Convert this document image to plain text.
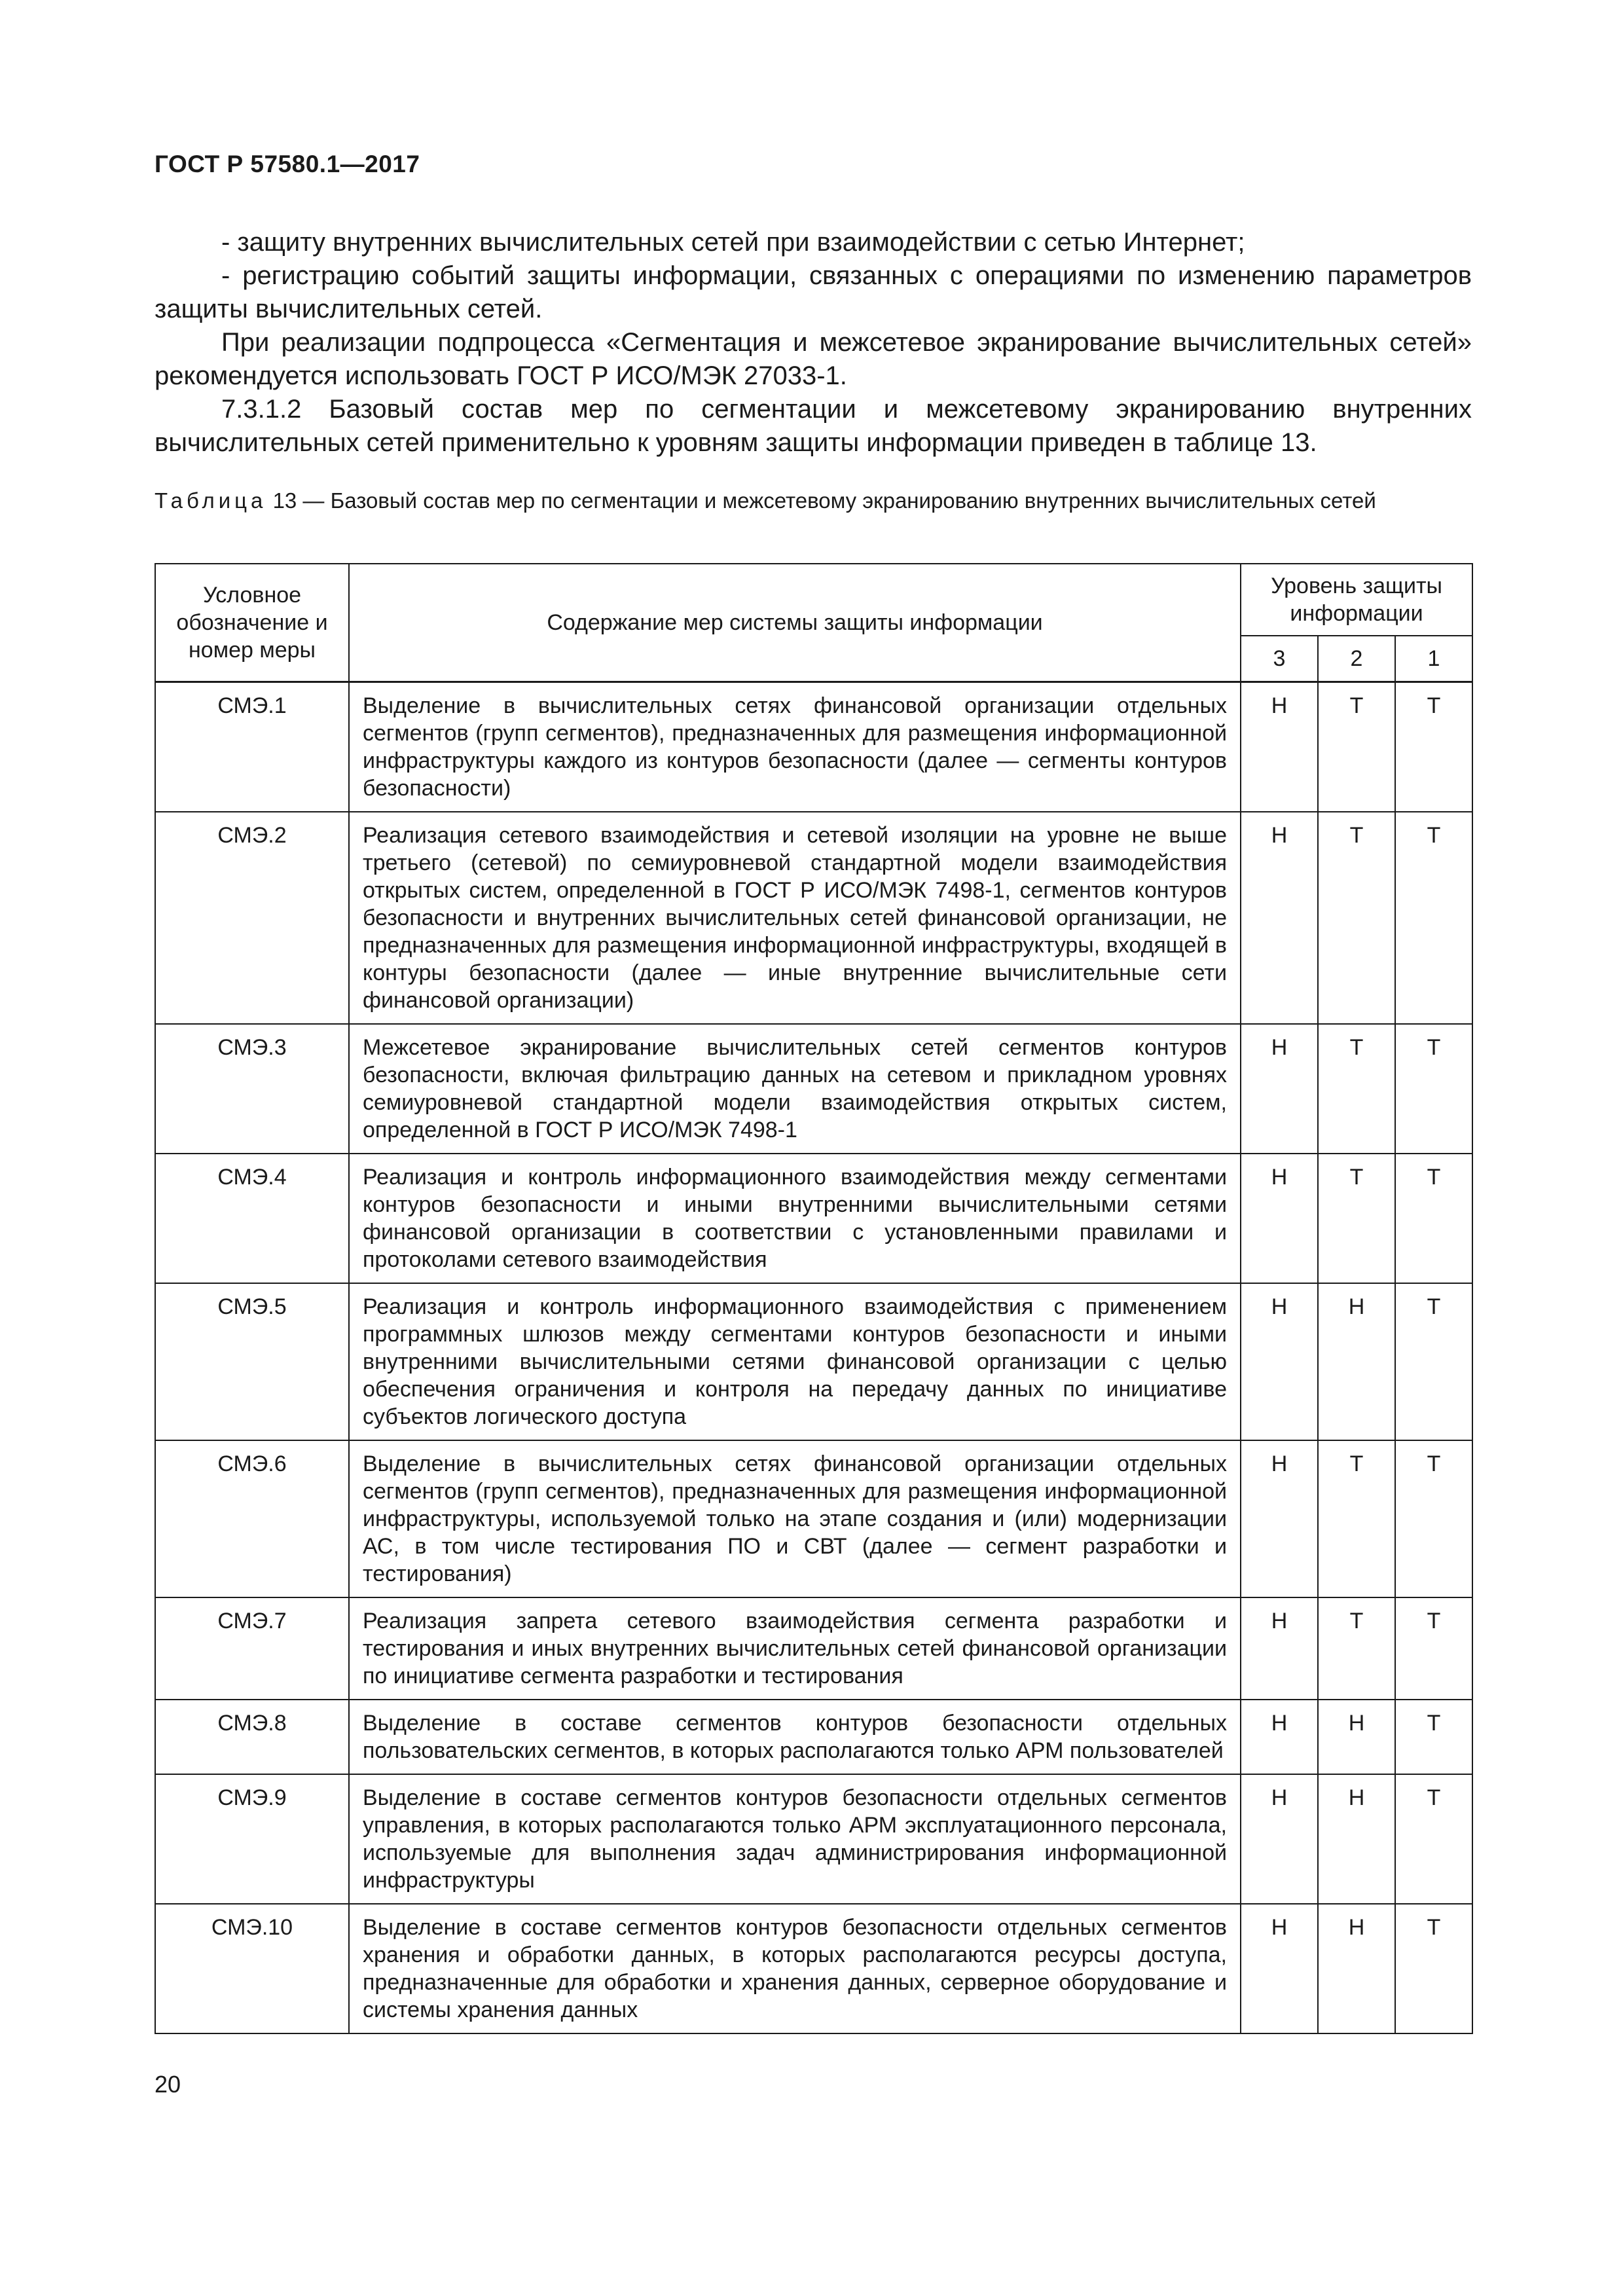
ГОСТ Р 57580.1—2017

- защиту внутренних вычислительных сетей при взаимодействии с сетью Интернет;

- регистрацию событий защиты информации, связанных с операциями по изменению параметров защиты вычислительных сетей.

При реализации подпроцесса «Сегментация и межсетевое экранирование вычислительных сетей» рекомендуется использовать ГОСТ Р ИСО/МЭК 27033-1.

7.3.1.2 Базовый состав мер по сегментации и межсетевому экранированию внутренних вычислительных сетей применительно к уровням защиты информации приведен в таблице 13.

Таблица 13 — Базовый состав мер по сегментации и межсетевому экранированию внутренних вычислительных сетей
Условное обозначение и номер меры	Содержание мер системы защиты информации	Уровень защиты информации		
		3	2	1
СМЭ.1	Выделение в вычислительных сетях финансовой организации отдельных сегментов (групп сегментов), предназначенных для размещения информационной инфраструктуры каждого из контуров безопасности (далее — сегменты контуров безопасности)	Н	Т	Т
СМЭ.2	Реализация сетевого взаимодействия и сетевой изоляции на уровне не выше третьего (сетевой) по семиуровневой стандартной модели взаимодействия открытых систем, определенной в ГОСТ Р ИСО/МЭК 7498-1, сегментов контуров безопасности и внутренних вычислительных сетей финансовой организации, не предназначенных для размещения информационной инфраструктуры, входящей в контуры безопасности (далее — иные внутренние вычислительные сети финансовой организации)	Н	Т	Т
СМЭ.3	Межсетевое экранирование вычислительных сетей сегментов контуров безопасности, включая фильтрацию данных на сетевом и прикладном уровнях семиуровневой стандартной модели взаимодействия открытых систем, определенной в ГОСТ Р ИСО/МЭК 7498-1	Н	Т	Т
СМЭ.4	Реализация и контроль информационного взаимодействия между сегментами контуров безопасности и иными внутренними вычислительными сетями финансовой организации в соответствии с установленными правилами и протоколами сетевого взаимодействия	Н	Т	Т
СМЭ.5	Реализация и контроль информационного взаимодействия с применением программных шлюзов между сегментами контуров безопасности и иными внутренними вычислительными сетями финансовой организации с целью обеспечения ограничения и контроля на передачу данных по инициативе субъектов логического доступа	Н	Н	Т
СМЭ.6	Выделение в вычислительных сетях финансовой организации отдельных сегментов (групп сегментов), предназначенных для размещения информационной инфраструктуры, используемой только на этапе создания и (или) модернизации АС, в том числе тестирования ПО и СВТ (далее — сегмент разработки и тестирования)	Н	Т	Т
СМЭ.7	Реализация запрета сетевого взаимодействия сегмента разработки и тестирования и иных внутренних вычислительных сетей финансовой организации по инициативе сегмента разработки и тестирования	Н	Т	Т
СМЭ.8	Выделение в составе сегментов контуров безопасности отдельных пользовательских сегментов, в которых располагаются только АРМ пользователей	Н	Н	Т
СМЭ.9	Выделение в составе сегментов контуров безопасности отдельных сегментов управления, в которых располагаются только АРМ эксплуатационного персонала, используемые для выполнения задач администрирования информационной инфраструктуры	Н	Н	Т
СМЭ.10	Выделение в составе сегментов контуров безопасности отдельных сегментов хранения и обработки данных, в которых располагаются ресурсы доступа, предназначенные для обработки и хранения данных, серверное оборудование и системы хранения данных	Н	Н	Т
20
